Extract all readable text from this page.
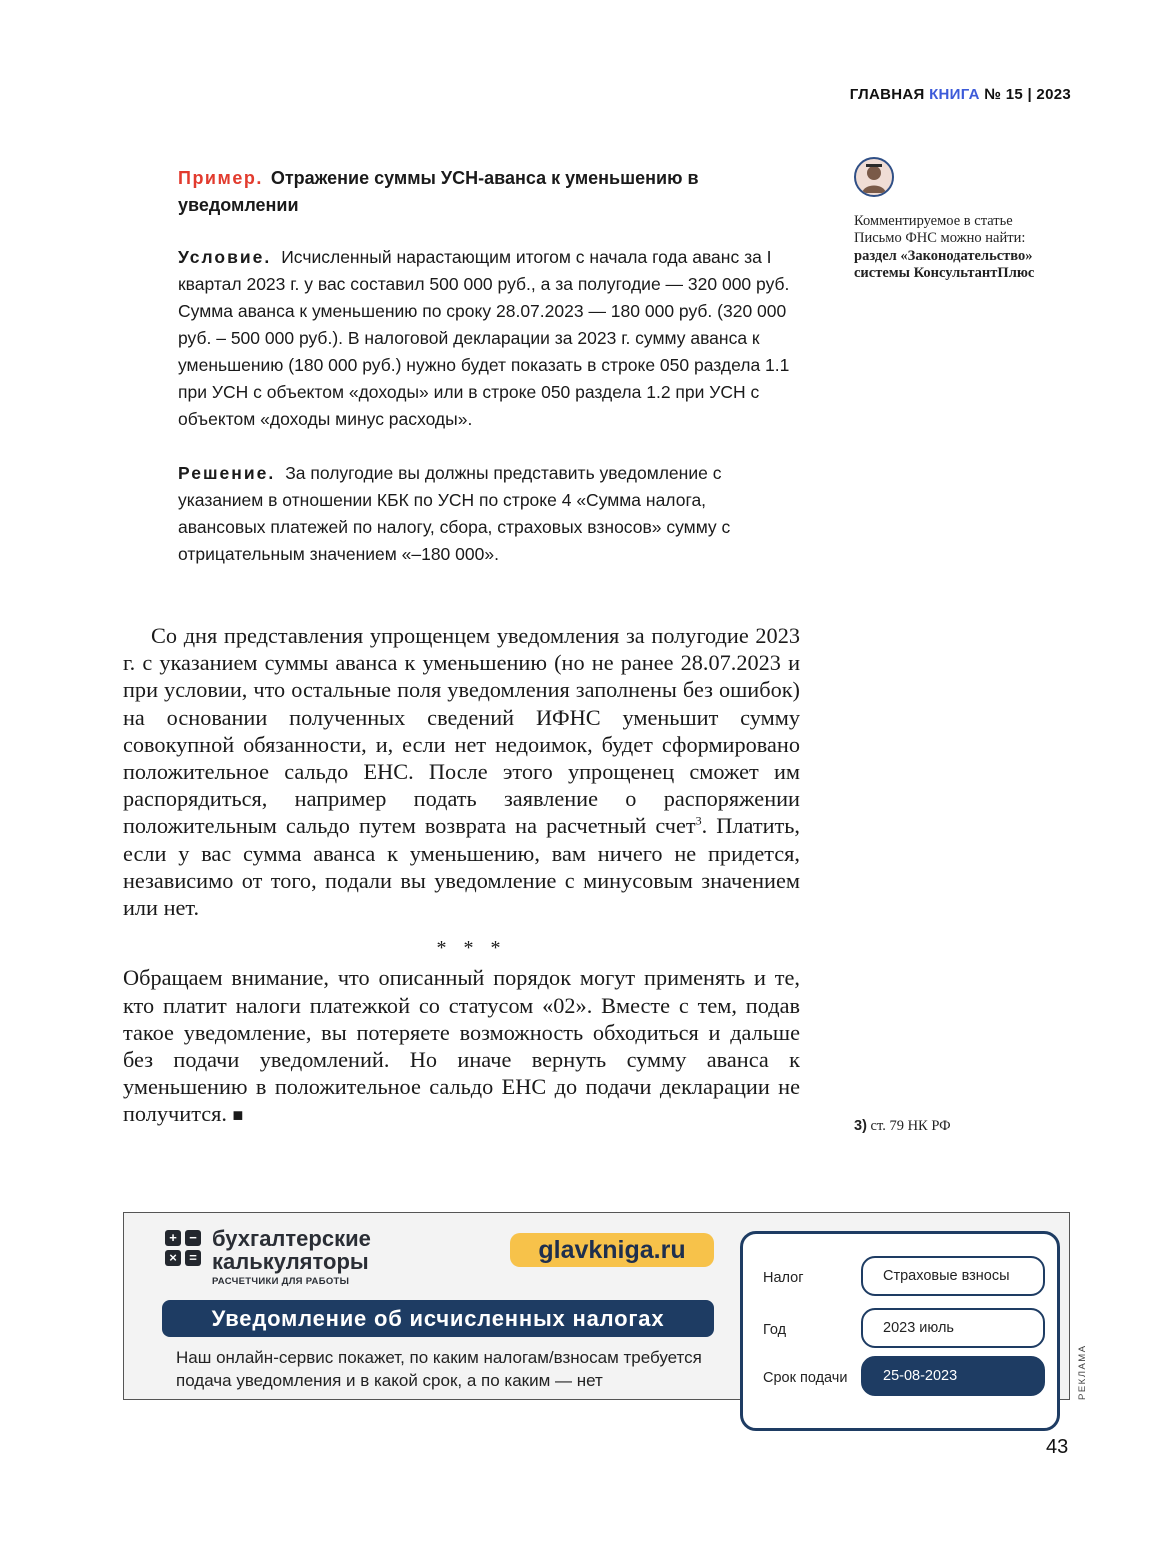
ГЛАВНАЯ КНИГА № 15 | 2023

Пример. Отражение суммы УСН-аванса к уменьшению в уведомлении

Условие. Исчисленный нарастающим итогом с начала года аванс за I квартал 2023 г. у вас составил 500 000 руб., а за полугодие — 320 000 руб. Сумма аванса к уменьшению по сроку 28.07.2023 — 180 000 руб. (320 000 руб. – 500 000 руб.). В налоговой декларации за 2023 г. сумму аванса к уменьшению (180 000 руб.) нужно будет показать в строке 050 раздела 1.1 при УСН с объектом «доходы» или в строке 050 раздела 1.2 при УСН с объектом «доходы минус расходы».

Решение. За полугодие вы должны представить уведомление с указанием в отношении КБК по УСН по строке 4 «Сумма налога, авансовых платежей по налогу, сбора, страховых взносов» сумму с отрицательным значением «–180 000».

Со дня представления упрощенцем уведомления за полугодие 2023 г. с указанием суммы аванса к уменьшению (но не ранее 28.07.2023 и при условии, что остальные поля уведомления заполнены без ошибок) на основании полученных сведений ИФНС уменьшит сумму совокупной обязанности, и, если нет недоимок, будет сформировано положительное сальдо ЕНС. После этого упрощенец сможет им распорядиться, например подать заявление о распоряжении положительным сальдо путем возврата на расчетный счет$^3$. Платить, если у вас сумма аванса к уменьшению, вам ничего не придется, независимо от того, подали вы уведомление с минусовым значением или нет.

* * *

Обращаем внимание, что описанный порядок могут применять и те, кто платит налоги платежкой со статусом «02». Вместе с тем, подав такое уведомление, вы потеряете возможность обходиться и дальше без подачи уведомлений. Но иначе вернуть сумму аванса к уменьшению в положительное сальдо ЕНС до подачи декларации не получится. ■

Комментируемое в статье

Письмо ФНС можно найти:

раздел «Законодательство»

системы КонсультантПлюс

3) ст. 79 НК РФ
+ −
× =
бухгалтерские
калькуляторы
РАСЧЕТЧИКИ ДЛЯ РАБОТЫ
glavkniga.ru
Уведомление об исчисленных налогах
Наш онлайн-сервис покажет, по каким налогам/взносам требуется подача уведомления и в какой срок, а по каким — нет
Налог	Страховые взносы
Год	2023 июль
Срок подачи	25-08-2023	РЕКЛАМА
43
